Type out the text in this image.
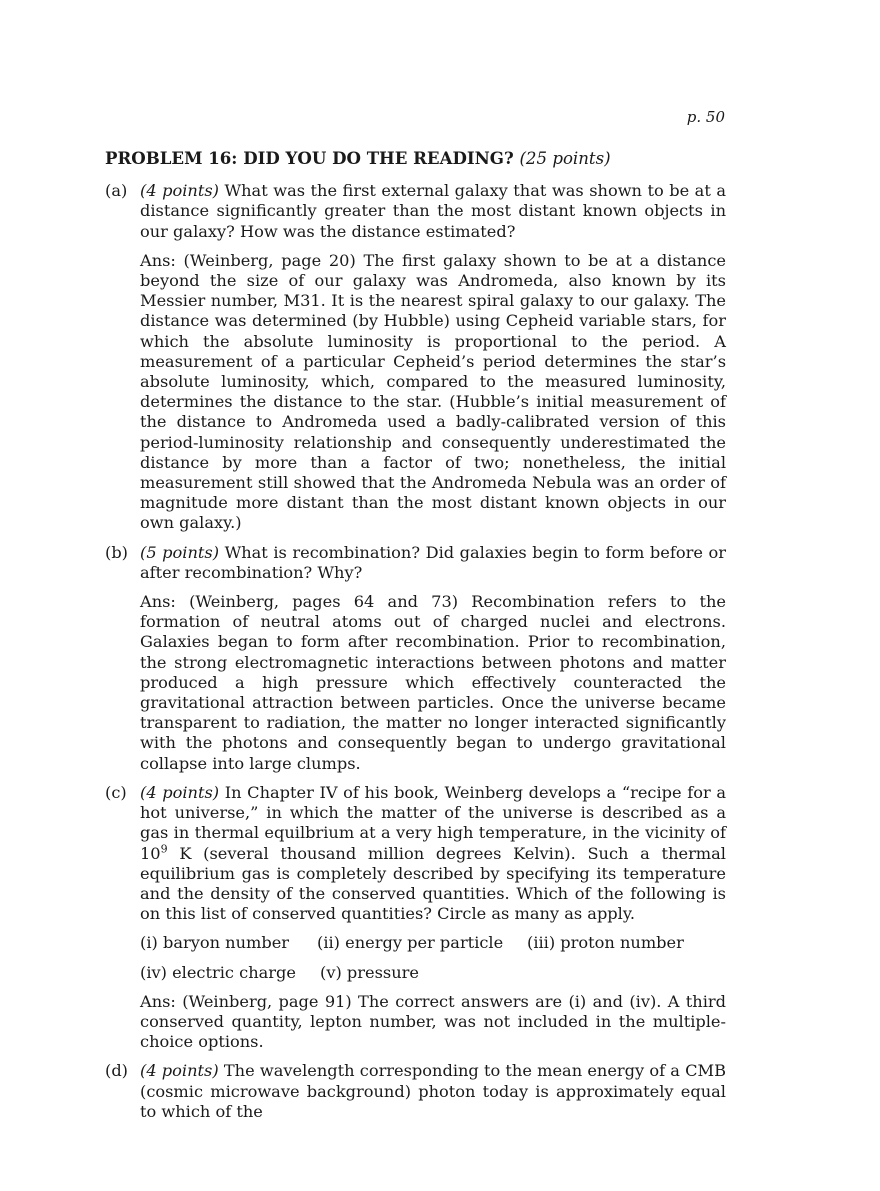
p. 50
PROBLEM 16: DID YOU DO THE READING? (25 points)
(a) (4 points) What was the first external galaxy that was shown to be at a distance significantly greater than the most distant known objects in our galaxy? How was the distance estimated?

Ans: (Weinberg, page 20) The first galaxy shown to be at a distance beyond the size of our galaxy was Andromeda, also known by its Messier number, M31. It is the nearest spiral galaxy to our galaxy. The distance was determined (by Hubble) using Cepheid variable stars, for which the absolute luminosity is proportional to the period. A measurement of a particular Cepheid’s period determines the star’s absolute luminosity, which, compared to the measured luminosity, determines the distance to the star. (Hubble’s initial measurement of the distance to Andromeda used a badly-calibrated version of this period-luminosity relationship and consequently underestimated the distance by more than a factor of two; nonetheless, the initial measurement still showed that the Andromeda Nebula was an order of magnitude more distant than the most distant known objects in our own galaxy.)

(b) (5 points) What is recombination? Did galaxies begin to form before or after recombination? Why?

Ans: (Weinberg, pages 64 and 73) Recombination refers to the formation of neutral atoms out of charged nuclei and electrons. Galaxies began to form after recombination. Prior to recombination, the strong electromagnetic interactions between photons and matter produced a high pressure which effectively counteracted the gravitational attraction between particles. Once the universe became transparent to radiation, the matter no longer interacted significantly with the photons and consequently began to undergo gravitational collapse into large clumps.

(c) (4 points) In Chapter IV of his book, Weinberg develops a “recipe for a hot universe,” in which the matter of the universe is described as a gas in thermal equilbrium at a very high temperature, in the vicinity of $10^9$ K (several thousand million degrees Kelvin). Such a thermal equilibrium gas is completely described by specifying its temperature and the density of the conserved quantities. Which of the following is on this list of conserved quantities? Circle as many as apply.

(i) baryon number	(ii) energy per particle	(iii) proton number
(iv) electric charge	(v) pressure

Ans: (Weinberg, page 91) The correct answers are (i) and (iv). A third conserved quantity, lepton number, was not included in the multiple-choice options.

(d) (4 points) The wavelength corresponding to the mean energy of a CMB (cosmic microwave background) photon today is approximately equal to which of the
